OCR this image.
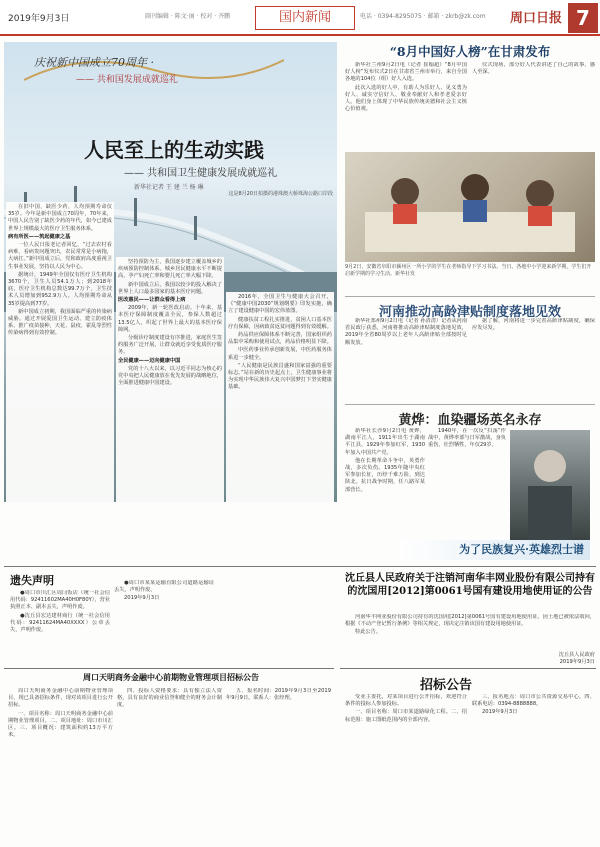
2019年9月3日	副刊编辑 · 陈文·丽 · 校对 · 齐鹏	国内新闻	电话 · 0394-8295075 · 邮箱 · zkrb@zk.com 周口日报 7
庆祝新中国成立70周年 ·
—— 共和国发展成就巡礼
人民至上的生动实践
—— 共和国卫生健康发展成就巡礼
新华社记者 王 建 兰 杨 琳
这是8月20日拍摄的港珠澳大桥珠海公路口岸段

在旧中国，缺医少药，人均预期寿命仅35岁。今年是新中国成立70周年，70年来，中国人民告别了缺医少药的年代，如今已建成世界上规模最大的医疗卫生服务体系。

病有所医——筑起健康之基

一位人民日报老记者回忆，“过去农村看病难，看病贵问题突出，农民常常是小病拖，大病扛。”新中国成立后，党和政府高度重视卫生事业发展，坚持以人民为中心。

据统计，1949年全国仅有医疗卫生机构3670个，卫生人员54.1万人；到2018年底，医疗卫生机构总数达99.7万个，卫生技术人员增加到952.9万人。人均预期寿命从35岁提高到77岁。

新中国成立初期，我国面临严重的传染病威胁。通过开展爱国卫生运动、建立防疫体系、推广疫苗接种，天花、鼠疫、霍乱等烈性传染病得到有效控制。

坚持预防为主，我国逐步建立覆盖城乡的疾病预防控制体系。城乡居民健康水平不断提高，孕产妇死亡率和婴儿死亡率大幅下降。

新中国成立后，我国以较少的投入解决了世界上人口最多国家的基本医疗问题。

医改惠民——让群众看得上病

2009年，新一轮医改启动。十年来，基本医疗保障制度覆盖全民，参保人数超过13.5亿人，织起了世界上最大的基本医疗保障网。

分级诊疗制度建设有序推进，家庭医生签约服务广泛开展，让群众就近享受优质医疗服务。

全民健康——迈向健康中国

党的十八大以来，以习近平同志为核心的党中央把人民健康放在优先发展的战略地位，全面推进健康中国建设。

2016年，全国卫生与健康大会召开，《“健康中国2030”规划纲要》印发实施，确立了建设健康中国的宏伟蓝图。

健康扶贫工程扎实推进，贫困人口基本医疗有保障，因病致贫返贫问题得到有效缓解。

药品供应保障体系不断完善，国家组织药品集中采购和使用试点，药品价格明显下降。

中医药事业传承创新发展，中医药服务体系进一步健全。

“人民健康是民族昌盛和国家富强的重要标志。”站在新的历史起点上，卫生健康事业将为实现中华民族伟大复兴中国梦打下坚实健康基础。

“8月中国好人榜”在甘肃发布

新华社兰州9月2日电（记者 崔翰超）“8月中国好人榜”发布仪式2日在甘肃省兰州市举行，来自全国各地的104位（组）好人入选。

此次入选的好人中，有助人为乐好人、见义勇为好人、诚实守信好人、敬业奉献好人和孝老爱亲好人。他们身上体现了中华民族传统美德和社会主义核心价值观。

仪式现场，部分好人代表讲述了自己的故事，感人至深。

9月2日，安徽省阜阳市颍州区一所小学的学生在老师指导下学习书法。当日，各地中小学迎来新学期，学生们开启新学期的学习生活。新华社发
河南推动高龄津贴制度落地见效

新华社郑州9月2日电（记者 孙清清）记者从河南省民政厅获悉，河南将推动高龄津贴制度落地见效，2019年全省80周岁以上老年人高龄津贴全部按时足额发放。

据了解，河南将进一步完善高龄津贴制度，确保应发尽发。

黄烨：血染疆场英名永存

新华社长沙9月2日电 黄烨，湖南平江人，1911年出生于湖南平江县。1929年参加红军，1930年加入中国共产党。

他在长期革命斗争中，英勇作战，多次负伤。1935年随中央红军参加长征，历经千难万险，到达陕北。抗日战争时期，任八路军某部营长。

1940年，在一次反“扫荡”作战中，黄烨率部与日军激战，身负重伤，壮烈牺牲，年仅29岁。

为了民族复兴·英雄烈士谱
遗失声明

●周口市川汇区周闫饭店（统一社会信用代码：92411602MA40H0F80Y），营业执照正本、副本丢失，声明作废。

●沈丘县宏达建材商行（统一社会信用代码：92411624MA40XXXX）公章丢失，声明作废。

●周口市某某运输有限公司道路运输证丢失，声明作废。

2019年9月3日

周口天明商务金融中心前期物业管理项目招标公告

周口天明商务金融中心前期物业管理项目，现已具备招标条件，现对该项目进行公开招标。

一、项目名称：周口天明商务金融中心前期物业管理项目。二、项目地址：周口市川汇区。三、项目概况：建筑面积约13万平方米。

四、投标人资格要求：具有独立法人资格，具有良好的商业信誉和健全的财务会计制度。

五、报名时间：2019年9月3日至2019年9月9日。联系人：张经理。

沈丘县人民政府关于注销河南华丰网业股份有限公司持有的沈国用[2012]第0061号国有建设用地使用证的公告

河南华丰网业股份有限公司持有的沈国用[2012]第0061号国有建设用地使用证，因土地已被依法收回，根据《不动产登记暂行条例》等相关规定，现决定注销该国有建设用地使用证。

特此公告。

沈丘县人民政府
2019年9月3日
招标公告

受业主委托，对某项目进行公开招标，欢迎符合条件的投标人参加投标。

一、项目名称：周口市某道路绿化工程。二、招标范围：施工图纸范围内的全部内容。

三、报名地点：周口市公共资源交易中心。四、联系电话：0394-8888888。

2019年9月3日
